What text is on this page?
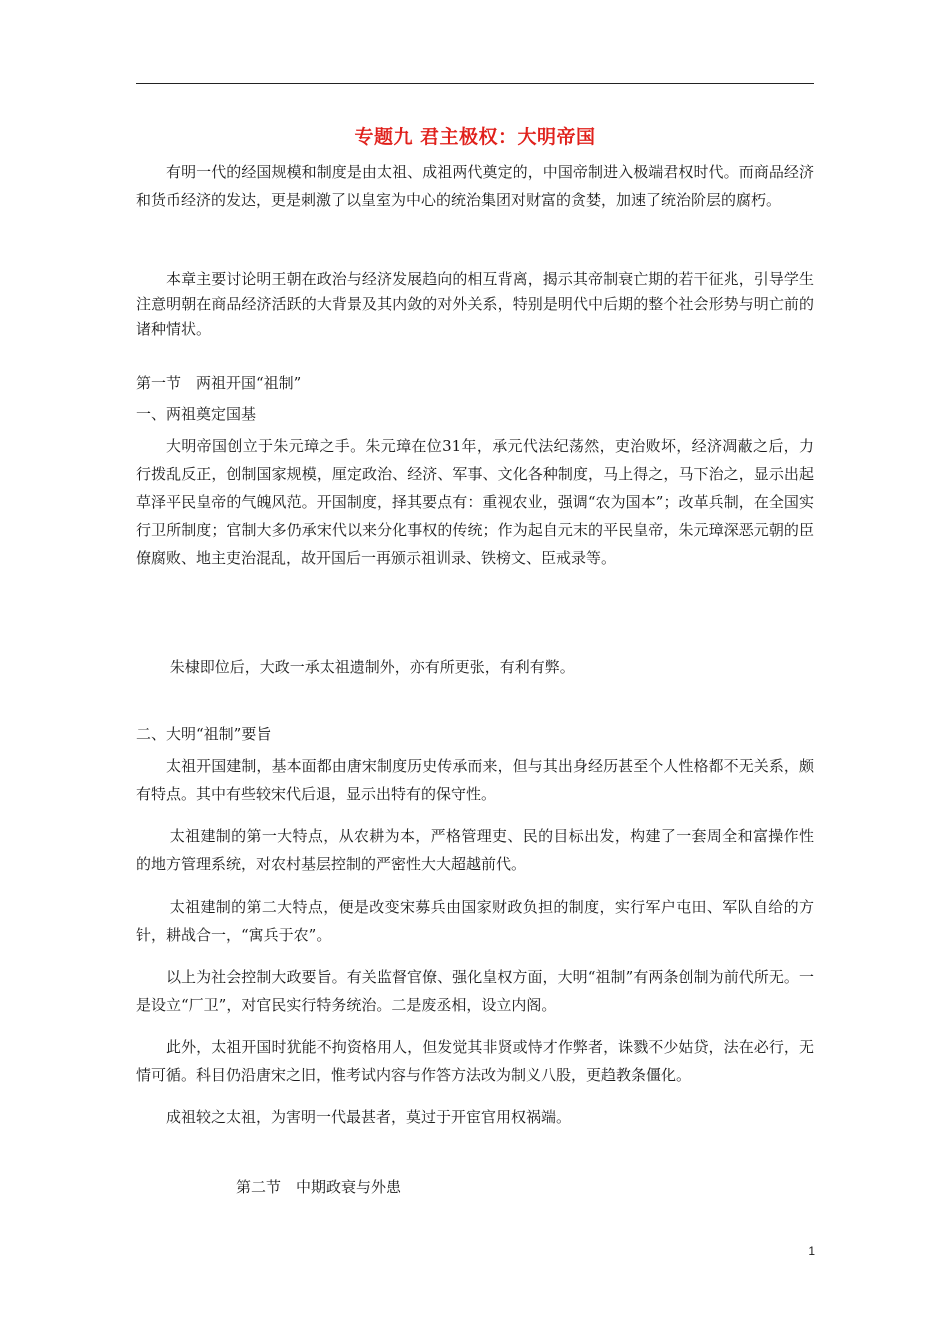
专题九 君主极权：大明帝国

有明一代的经国规模和制度是由太祖、成祖两代奠定的，中国帝制进入极端君权时代。而商品经济和货币经济的发达，更是刺激了以皇室为中心的统治集团对财富的贪婪，加速了统治阶层的腐朽。

本章主要讨论明王朝在政治与经济发展趋向的相互背离，揭示其帝制衰亡期的若干征兆，引导学生注意明朝在商品经济活跃的大背景及其内敛的对外关系，特别是明代中后期的整个社会形势与明亡前的诸种情状。

第一节　两祖开国“祖制”

一、两祖奠定国基

大明帝国创立于朱元璋之手。朱元璋在位31年，承元代法纪荡然，吏治败坏，经济凋蔽之后，力行拨乱反正，创制国家规模，厘定政治、经济、军事、文化各种制度，马上得之，马下治之，显示出起草泽平民皇帝的气魄风范。开国制度，择其要点有：重视农业，强调“农为国本”；改革兵制，在全国实行卫所制度；官制大多仍承宋代以来分化事权的传统；作为起自元末的平民皇帝，朱元璋深恶元朝的臣僚腐败、地主吏治混乱，故开国后一再颁示祖训录、铁榜文、臣戒录等。

朱棣即位后，大政一承太祖遗制外，亦有所更张，有利有弊。

二、大明“祖制”要旨

太祖开国建制，基本面都由唐宋制度历史传承而来，但与其出身经历甚至个人性格都不无关系，颇有特点。其中有些较宋代后退，显示出特有的保守性。

太祖建制的第一大特点，从农耕为本，严格管理吏、民的目标出发，构建了一套周全和富操作性的地方管理系统，对农村基层控制的严密性大大超越前代。

太祖建制的第二大特点，便是改变宋募兵由国家财政负担的制度，实行军户屯田、军队自给的方针，耕战合一，“寓兵于农”。

以上为社会控制大政要旨。有关监督官僚、强化皇权方面，大明“祖制”有两条创制为前代所无。一是设立“厂卫”，对官民实行特务统治。二是废丞相，设立内阁。

此外，太祖开国时犹能不拘资格用人，但发觉其非贤或恃才作弊者，诛戮不少姑贷，法在必行，无情可循。科目仍沿唐宋之旧，惟考试内容与作答方法改为制义八股，更趋教条僵化。

成祖较之太祖，为害明一代最甚者，莫过于开宦官用权祸端。

第二节　中期政衰与外患

1
